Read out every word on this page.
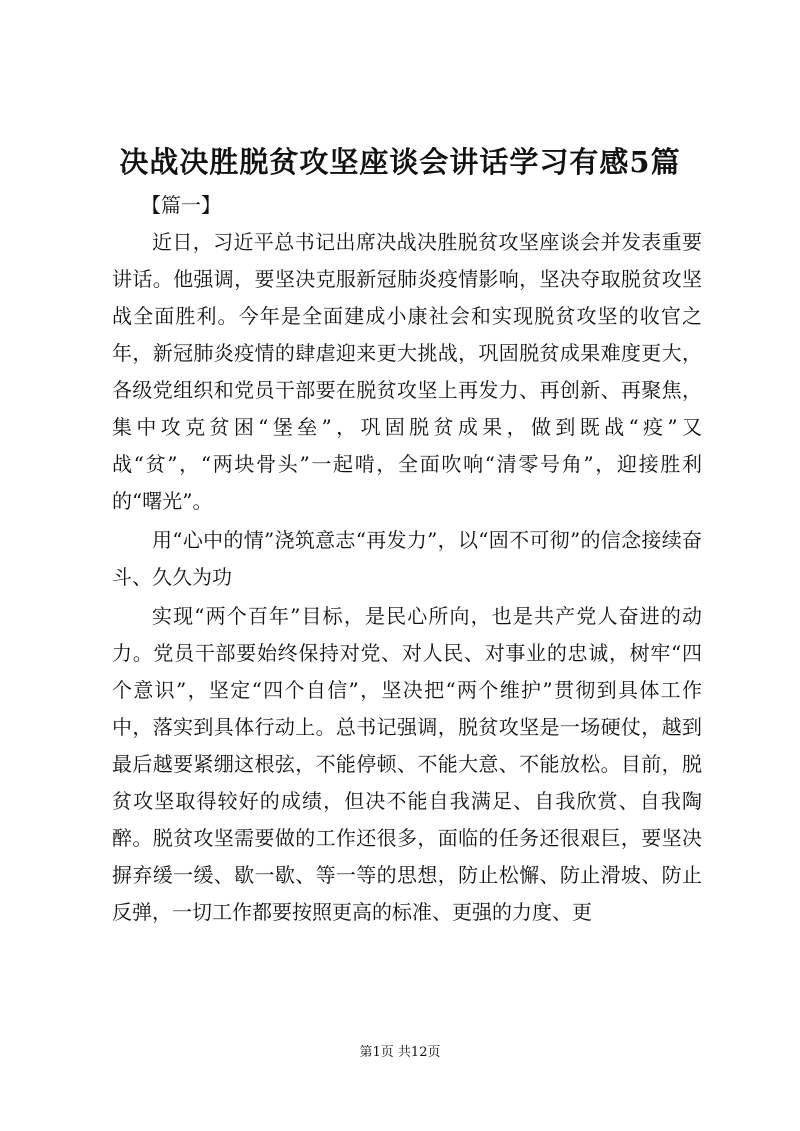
决战决胜脱贫攻坚座谈会讲话学习有感5篇
【篇一】

近日，习近平总书记出席决战决胜脱贫攻坚座谈会并发表重要讲话。他强调，要坚决克服新冠肺炎疫情影响，坚决夺取脱贫攻坚战全面胜利。今年是全面建成小康社会和实现脱贫攻坚的收官之年，新冠肺炎疫情的肆虐迎来更大挑战，巩固脱贫成果难度更大，各级党组织和党员干部要在脱贫攻坚上再发力、再创新、再聚焦，集中攻克贫困“堡垒”，巩固脱贫成果，做到既战“疫”又战“贫”，“两块骨头”一起啃，全面吹响“清零号角”，迎接胜利的“曙光”。

用“心中的情”浇筑意志“再发力”，以“固不可彻”的信念接续奋斗、久久为功

实现“两个百年”目标，是民心所向，也是共产党人奋进的动力。党员干部要始终保持对党、对人民、对事业的忠诚，树牢“四个意识”，坚定“四个自信”，坚决把“两个维护”贯彻到具体工作中，落实到具体行动上。总书记强调，脱贫攻坚是一场硬仗，越到最后越要紧绷这根弦，不能停顿、不能大意、不能放松。目前，脱贫攻坚取得较好的成绩，但决不能自我满足、自我欣赏、自我陶醉。脱贫攻坚需要做的工作还很多，面临的任务还很艰巨，要坚决摒弃缓一缓、歇一歇、等一等的思想，防止松懈、防止滑坡、防止反弹，一切工作都要按照更高的标准、更强的力度、更

第1页 共12页
